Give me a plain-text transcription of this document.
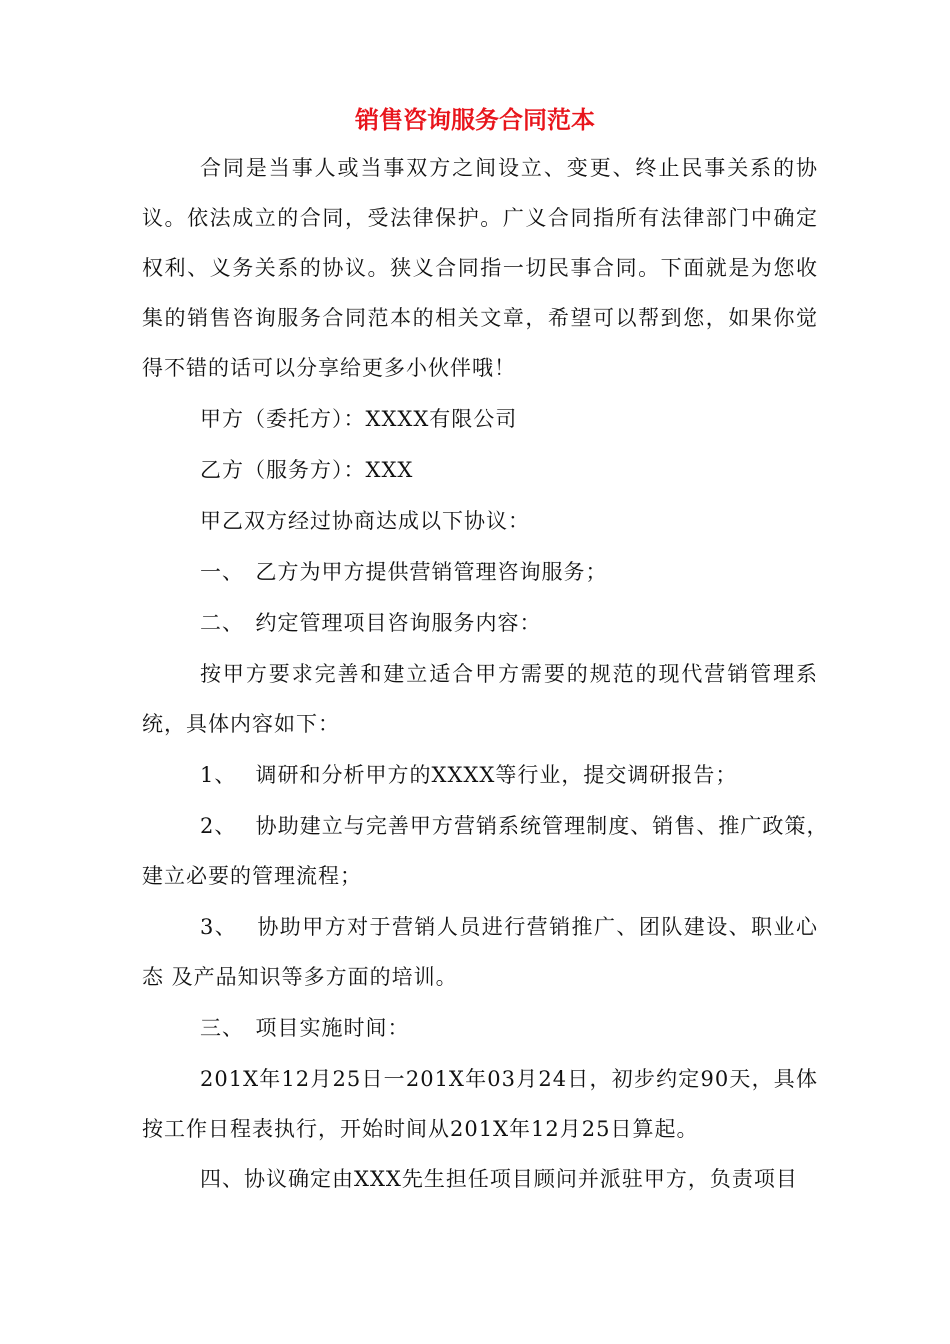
销售咨询服务合同范本

合同是当事人或当事双方之间设立、变更、终止民事关系的协议。依法成立的合同，受法律保护。广义合同指所有法律部门中确定权利、义务关系的协议。狭义合同指一切民事合同。下面就是为您收集的销售咨询服务合同范本的相关文章，希望可以帮到您，如果你觉得不错的话可以分享给更多小伙伴哦！

甲方（委托方）：XXXX有限公司

乙方（服务方）：XXX

甲乙双方经过协商达成以下协议：

一、　乙方为甲方提供营销管理咨询服务；

二、　约定管理项目咨询服务内容：

按甲方要求完善和建立适合甲方需要的规范的现代营销管理系统，具体内容如下：

1、　 调研和分析甲方的XXXX等行业，提交调研报告；

2、　 协助建立与完善甲方营销系统管理制度、销售、推广政策，　建立必要的管理流程；

3、　 协助甲方对于营销人员进行营销推广、团队建设、职业心态 及产品知识等多方面的培训。

三、　项目实施时间：

201X年12月25日一201X年03月24日，初步约定90天，具体按工作日程表执行，开始时间从201X年12月25日算起。

四、协议确定由XXX先生担任项目顾问并派驻甲方，负责项目
